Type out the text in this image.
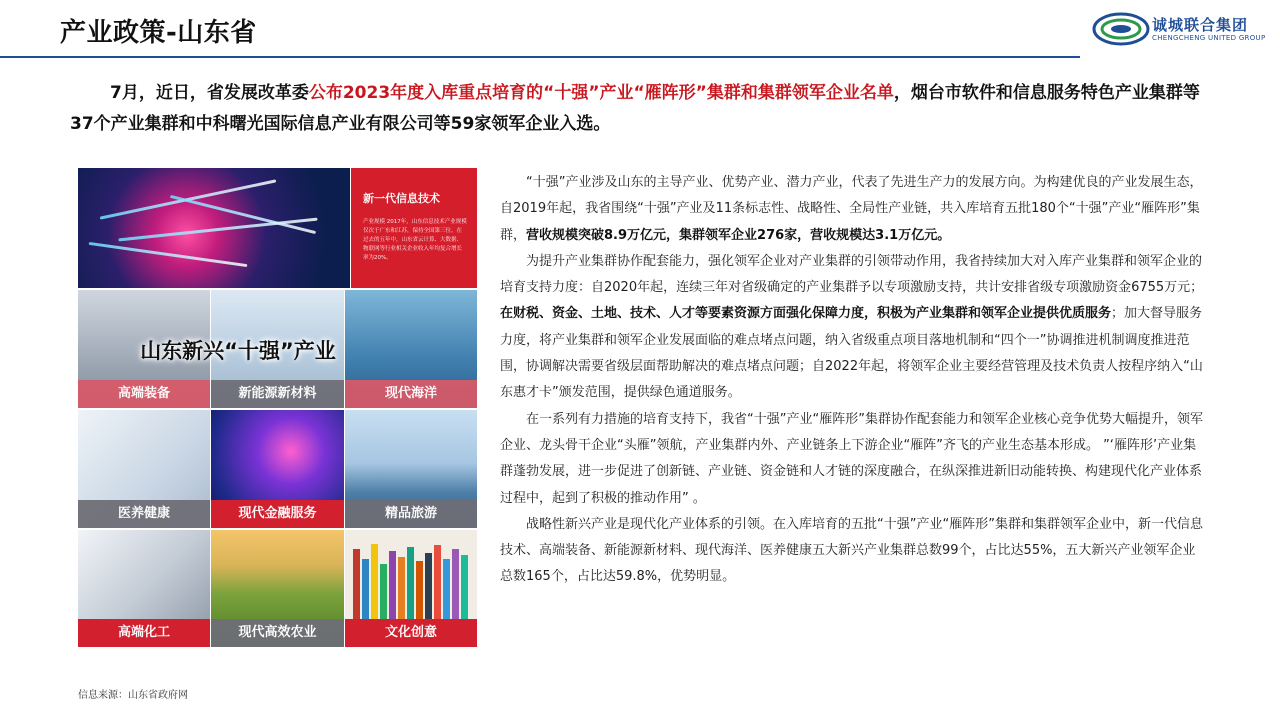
产业政策-山东省	诚城联合集团
CHENGCHENG UNITED GROUP
7月，近日，省发展改革委公布2023年度入库重点培育的“十强”产业“雁阵形”集群和集群领军企业名单，烟台市软件和信息服务特色产业集群等37个产业集群和中科曙光国际信息产业有限公司等59家领军企业入选。
新一代信息技术
产业规模 2017年，山东信息技术产业规模仅次于广东和江苏，保持全国第三位。在过去的五年中，山东省云计算、大数据、物联网等行业相关企业收入年均复合增长率为20%。
高端装备	新能源新材料	现代海洋
医养健康	现代金融服务	精品旅游
高端化工	现代高效农业	文化创意
山东新兴“十强”产业

“十强”产业涉及山东的主导产业、优势产业、潜力产业，代表了先进生产力的发展方向。为构建优良的产业发展生态，自2019年起，我省围绕“十强”产业及11条标志性、战略性、全局性产业链，共入库培育五批180个“十强”产业“雁阵形”集群，营收规模突破8.9万亿元，集群领军企业276家，营收规模达3.1万亿元。

为提升产业集群协作配套能力，强化领军企业对产业集群的引领带动作用，我省持续加大对入库产业集群和领军企业的培育支持力度：自2020年起，连续三年对省级确定的产业集群予以专项激励支持，共计安排省级专项激励资金6755万元；在财税、资金、土地、技术、人才等要素资源方面强化保障力度，积极为产业集群和领军企业提供优质服务；加大督导服务力度，将产业集群和领军企业发展面临的难点堵点问题，纳入省级重点项目落地机制和“四个一”协调推进机制调度推进范围，协调解决需要省级层面帮助解决的难点堵点问题；自2022年起，将领军企业主要经营管理及技术负责人按程序纳入“山东惠才卡”颁发范围，提供绿色通道服务。

在一系列有力措施的培育支持下，我省“十强”产业“雁阵形”集群协作配套能力和领军企业核心竞争优势大幅提升，领军企业、龙头骨干企业“头雁”领航，产业集群内外、产业链条上下游企业“雁阵”齐飞的产业生态基本形成。 ”‘雁阵形’产业集群蓬勃发展，进一步促进了创新链、产业链、资金链和人才链的深度融合，在纵深推进新旧动能转换、构建现代化产业体系过程中，起到了积极的推动作用” 。

战略性新兴产业是现代化产业体系的引领。在入库培育的五批“十强”产业“雁阵形”集群和集群领军企业中，新一代信息技术、高端装备、新能源新材料、现代海洋、医养健康五大新兴产业集群总数99个，占比达55%，五大新兴产业领军企业总数165个，占比达59.8%，优势明显。

信息来源：山东省政府网
